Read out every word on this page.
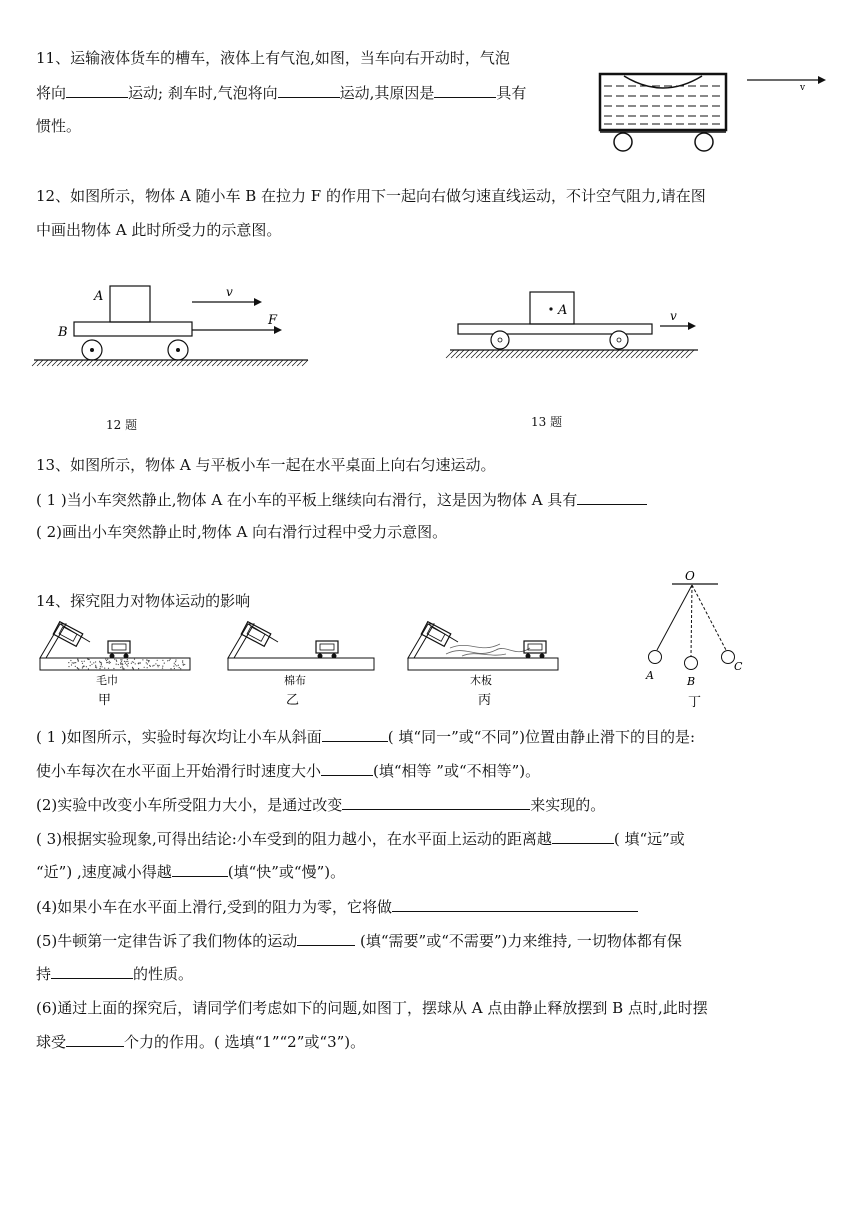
11、运输液体货车的槽车，液体上有气泡,如图，当车向右开动时，气泡
将向	运动; 刹车时,气泡将向	运动,其原因是	具有
惯性。
v
12、如图所示，物体 A 随小车 B 在拉力 F 的作用下一起向右做匀速直线运动，不计空气阻力,请在图
中画出物体 A 此时所受力的示意图。
A
B
F
v
12 题
A	v
13 题
13、如图所示，物体 A 与平板小车一起在水平桌面上向右匀速运动。
( 1 )当小车突然静止,物体 A 在小车的平板上继续向右滑行，这是因为物体 A 具有
( 2)画出小车突然静止时,物体 A 向右滑行过程中受力示意图。
14、探究阻力对物体运动的影响
毛巾
甲
棉布
乙
木板
丙
O
A	B
C
丁
( 1 )如图所示，实验时每次均让小车从斜面	( 填“同一”或“不同”)位置由静止滑下的目的是:
使小车每次在水平面上开始滑行时速度大小	(填“相等 ”或“不相等”)。
(2)实验中改变小车所受阻力大小，是通过改变	来实现的。
( 3)根据实验现象,可得出结论:小车受到的阻力越小，在水平面上运动的距离越	( 填“远”或
“近”) ,速度减小得越	(填“快”或“慢”)。
(4)如果小车在水平面上滑行,受到的阻力为零，它将做
(5)牛顿第一定律告诉了我们物体的运动	(填“需要”或“不需要”)力来维持, 一切物体都有保
持	的性质。
(6)通过上面的探究后，请同学们考虑如下的问题,如图丁，摆球从 A 点由静止释放摆到 B 点时,此时摆
球受	个力的作用。( 选填“1”“2”或“3”)。
